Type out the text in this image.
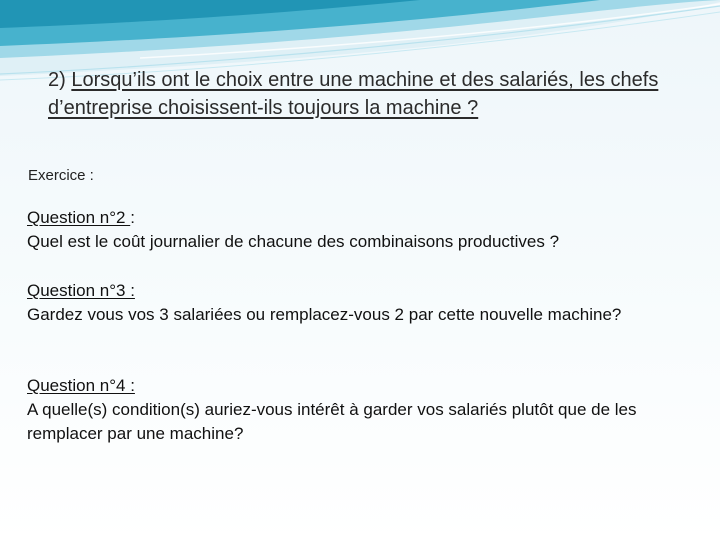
2) Lorsqu’ils ont le choix entre une machine et des salariés, les chefs d’entreprise choisissent-ils toujours la machine ?
Exercice :
Question n°2 :
Quel est le coût journalier de chacune des combinaisons productives ?
Question n°3 :
Gardez vous vos 3 salariées ou remplacez-vous 2 par cette nouvelle machine?
Question n°4 :
A quelle(s) condition(s) auriez-vous intérêt à garder vos salariés plutôt que de les remplacer par une machine?
